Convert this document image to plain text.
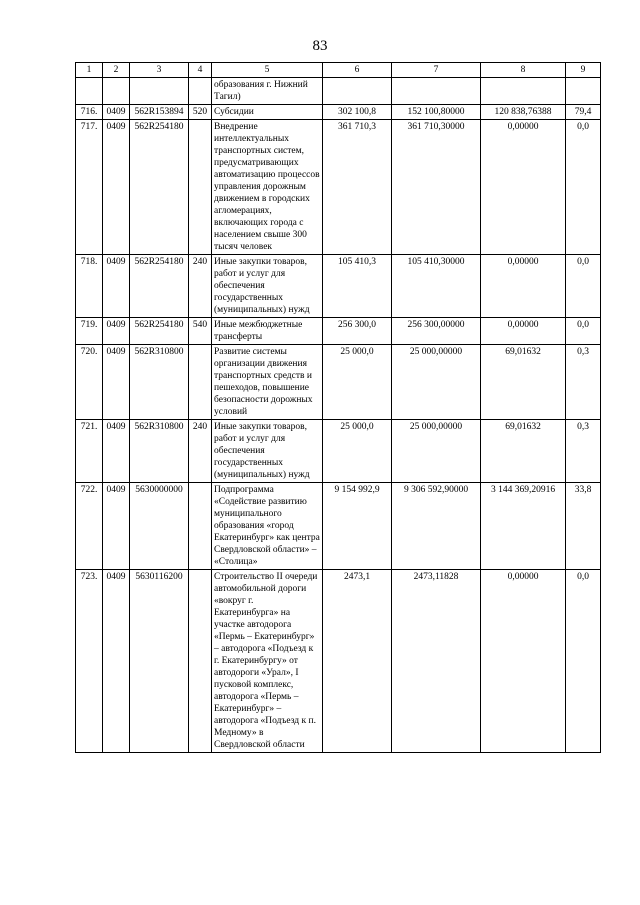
83
1	2	3	4	5	6	7	8	9
				образования г. Нижний Тагил)				
716.	0409	562R153894	520	Субсидии	302 100,8	152 100,80000	120 838,76388	79,4
717.	0409	562R254180		Внедрение интеллектуальных транспортных систем, предусматривающих автоматизацию процессов управления дорожным движением в городских агломерациях, включающих города с населением свыше 300 тысяч человек	361 710,3	361 710,30000	0,00000	0,0
718.	0409	562R254180	240	Иные закупки товаров, работ и услуг для обеспечения государственных (муниципальных) нужд	105 410,3	105 410,30000	0,00000	0,0
719.	0409	562R254180	540	Иные межбюджетные трансферты	256 300,0	256 300,00000	0,00000	0,0
720.	0409	562R310800		Развитие системы организации движения транспортных средств и пешеходов, повышение безопасности дорожных условий	25 000,0	25 000,00000	69,01632	0,3
721.	0409	562R310800	240	Иные закупки товаров, работ и услуг для обеспечения государственных (муниципальных) нужд	25 000,0	25 000,00000	69,01632	0,3
722.	0409	5630000000		Подпрограмма «Содействие развитию муниципального образования «город Екатеринбург» как центра Свердловской области» – «Столица»	9 154 992,9	9 306 592,90000	3 144 369,20916	33,8
723.	0409	5630116200		Строительство II очереди автомобильной дороги «вокруг г. Екатеринбурга» на участке автодорога «Пермь – Екатеринбург» – автодорога «Подъезд к г. Екатеринбургу» от автодороги «Урал», I пусковой комплекс, автодорога «Пермь – Екатеринбург» – автодорога «Подъезд к п. Медному» в Свердловской области	2473,1	2473,11828	0,00000	0,0
